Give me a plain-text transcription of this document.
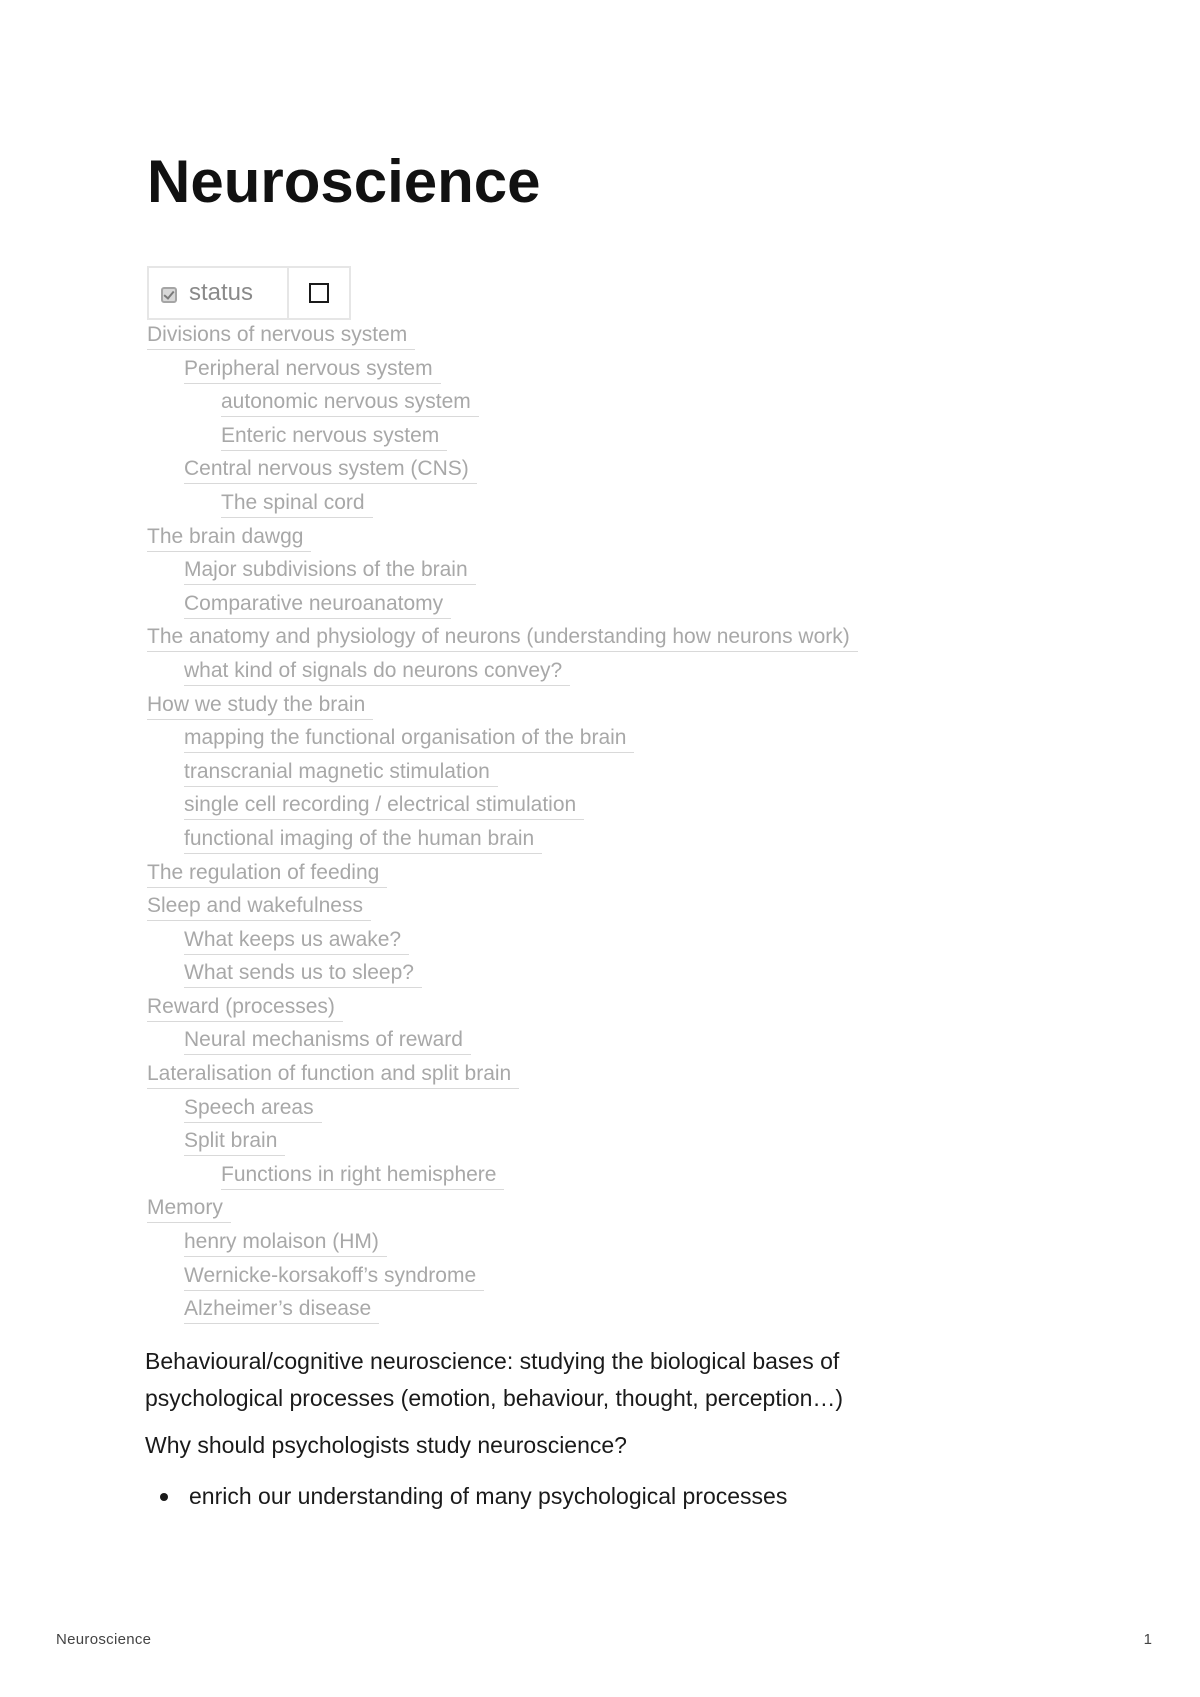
Neuroscience
status	
Divisions of nervous system
Peripheral nervous system
autonomic nervous system
Enteric nervous system
Central nervous system (CNS)
The spinal cord
The brain dawgg
Major subdivisions of the brain
Comparative neuroanatomy
The anatomy and physiology of neurons (understanding how neurons work)
what kind of signals do neurons convey?
How we study the brain
mapping the functional organisation of the brain
transcranial magnetic stimulation
single cell recording / electrical stimulation
functional imaging of the human brain
The regulation of feeding
Sleep and wakefulness
What keeps us awake?
What sends us to sleep?
Reward (processes)
Neural mechanisms of reward
Lateralisation of function and split brain
Speech areas
Split brain
Functions in right hemisphere
Memory
henry molaison (HM)
Wernicke-korsakoff’s syndrome
Alzheimer’s disease

Behavioural/cognitive neuroscience: studying the biological bases of psychological processes (emotion, behaviour, thought, perception…)

Why should psychologists study neuroscience?

enrich our understanding of many psychological processes
Neuroscience	1
